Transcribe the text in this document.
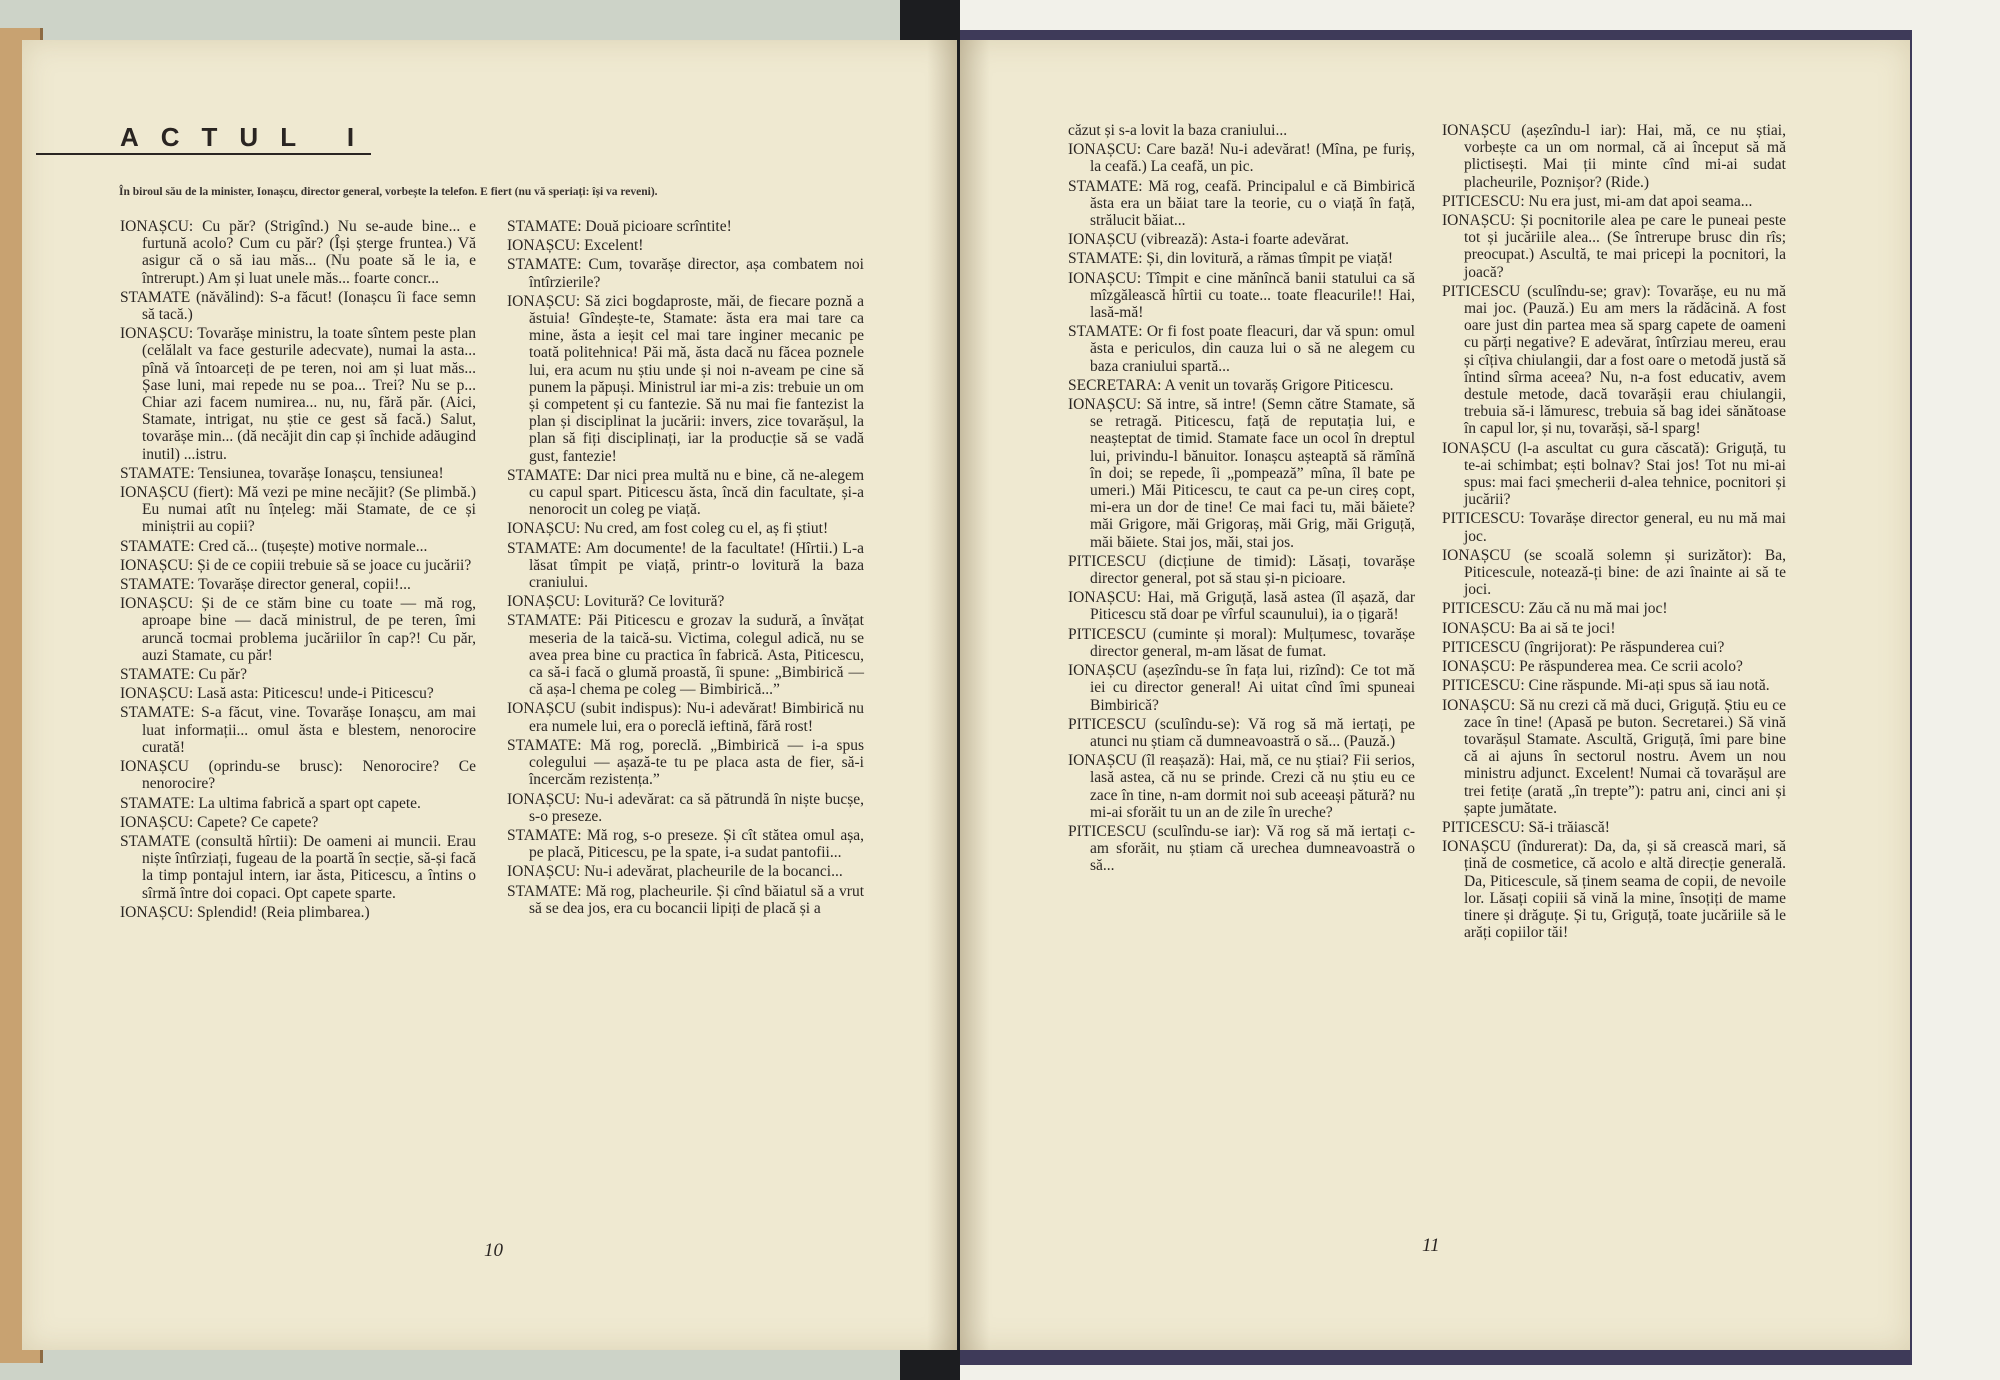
ACTUL I
În biroul său de la minister, Ionașcu, director general, vorbește la telefon. E fiert (nu vă speriați: își va reveni).

IONAȘCU: Cu păr? (Strigînd.) Nu se-aude bine... e furtună acolo? Cum cu păr? (Își șterge fruntea.) Vă asigur că o să iau măs... (Nu poate să le ia, e întrerupt.) Am și luat unele măs... foarte concr...

STAMATE (năvălind): S-a făcut! (Ionașcu îi face semn să tacă.)

IONAȘCU: Tovarășe ministru, la toate sîntem peste plan (celălalt va face gesturile adecvate), numai la asta... pînă vă întoarceți de pe teren, noi am și luat măs... Șase luni, mai repede nu se poa... Trei? Nu se p... Chiar azi facem numirea... nu, nu, fără păr. (Aici, Stamate, intrigat, nu știe ce gest să facă.) Salut, tovarășe min... (dă necăjit din cap și închide adăugind inutil) ...istru.

STAMATE: Tensiunea, tovarășe Ionașcu, tensiunea!

IONAȘCU (fiert): Mă vezi pe mine necăjit? (Se plimbă.) Eu numai atît nu înțeleg: măi Stamate, de ce și miniștrii au copii?

STAMATE: Cred că... (tușește) motive normale...

IONAȘCU: Și de ce copiii trebuie să se joace cu jucării?

STAMATE: Tovarășe director general, copii!...

IONAȘCU: Și de ce stăm bine cu toate — mă rog, aproape bine — dacă ministrul, de pe teren, îmi aruncă tocmai problema jucăriilor în cap?! Cu păr, auzi Stamate, cu păr!

STAMATE: Cu păr?

IONAȘCU: Lasă asta: Piticescu! unde-i Piticescu?

STAMATE: S-a făcut, vine. Tovarășe Ionașcu, am mai luat informații... omul ăsta e blestem, nenorocire curată!

IONAȘCU (oprindu-se brusc): Nenorocire? Ce nenorocire?

STAMATE: La ultima fabrică a spart opt capete.

IONAȘCU: Capete? Ce capete?

STAMATE (consultă hîrtii): De oameni ai muncii. Erau niște întîrziați, fugeau de la poartă în secție, să-și facă la timp pontajul intern, iar ăsta, Piticescu, a întins o sîrmă între doi copaci. Opt capete sparte.

IONAȘCU: Splendid! (Reia plimbarea.)

STAMATE: Două picioare scrîntite!

IONAȘCU: Excelent!

STAMATE: Cum, tovarășe director, așa combatem noi întîrzierile?

IONAȘCU: Să zici bogdaproste, măi, de fiecare poznă a ăstuia! Gîndește-te, Stamate: ăsta era mai tare ca mine, ăsta a ieșit cel mai tare inginer mecanic pe toată politehnica! Păi mă, ăsta dacă nu făcea poznele lui, era acum nu știu unde și noi n-aveam pe cine să punem la păpuși. Ministrul iar mi-a zis: trebuie un om și competent și cu fantezie. Să nu mai fie fantezist la plan și disciplinat la jucării: invers, zice tovarășul, la plan să fiți disciplinați, iar la producție să se vadă gust, fantezie!

STAMATE: Dar nici prea multă nu e bine, că ne-alegem cu capul spart. Piticescu ăsta, încă din facultate, și-a nenorocit un coleg pe viață.

IONAȘCU: Nu cred, am fost coleg cu el, aș fi știut!

STAMATE: Am documente! de la facultate! (Hîrtii.) L-a lăsat tîmpit pe viață, printr-o lovitură la baza craniului.

IONAȘCU: Lovitură? Ce lovitură?

STAMATE: Păi Piticescu e grozav la sudură, a învățat meseria de la taică-su. Victima, colegul adică, nu se avea prea bine cu practica în fabrică. Asta, Piticescu, ca să-i facă o glumă proastă, îi spune: „Bimbirică — că așa-l chema pe coleg — Bimbirică...”

IONAȘCU (subit indispus): Nu-i adevărat! Bimbirică nu era numele lui, era o poreclă ieftină, fără rost!

STAMATE: Mă rog, poreclă. „Bimbirică — i-a spus colegului — așază-te tu pe placa asta de fier, să-i încercăm rezistența.”

IONAȘCU: Nu-i adevărat: ca să pătrundă în niște bucșe, s-o preseze.

STAMATE: Mă rog, s-o preseze. Și cît stătea omul așa, pe placă, Piticescu, pe la spate, i-a sudat pantofii...

IONAȘCU: Nu-i adevărat, placheurile de la bocanci...

STAMATE: Mă rog, placheurile. Și cînd băiatul să a vrut să se dea jos, era cu bocancii lipiți de placă și a

10

căzut și s-a lovit la baza craniului...

IONAȘCU: Care bază! Nu-i adevărat! (Mîna, pe furiș, la ceafă.) La ceafă, un pic.

STAMATE: Mă rog, ceafă. Principalul e că Bimbirică ăsta era un băiat tare la teorie, cu o viață în față, strălucit băiat...

IONAȘCU (vibrează): Asta-i foarte adevărat.

STAMATE: Și, din lovitură, a rămas tîmpit pe viață!

IONAȘCU: Tîmpit e cine mănîncă banii statului ca să mîzgălească hîrtii cu toate... toate fleacurile!! Hai, lasă-mă!

STAMATE: Or fi fost poate fleacuri, dar vă spun: omul ăsta e periculos, din cauza lui o să ne alegem cu baza craniului spartă...

SECRETARA: A venit un tovarăș Grigore Piticescu.

IONAȘCU: Să intre, să intre! (Semn către Stamate, să se retragă. Piticescu, față de reputația lui, e neașteptat de timid. Stamate face un ocol în dreptul lui, privindu-l bănuitor. Ionașcu așteaptă să rămînă în doi; se repede, îi „pompează” mîna, îl bate pe umeri.) Măi Piticescu, te caut ca pe-un cireș copt, mi-era un dor de tine! Ce mai faci tu, măi băiete? măi Grigore, măi Grigoraș, măi Grig, măi Griguță, măi băiete. Stai jos, măi, stai jos.

PITICESCU (dicțiune de timid): Lăsați, tovarășe director general, pot să stau și-n picioare.

IONAȘCU: Hai, mă Griguță, lasă astea (îl așază, dar Piticescu stă doar pe vîrful scaunului), ia o țigară!

PITICESCU (cuminte și moral): Mulțumesc, tovarășe director general, m-am lăsat de fumat.

IONAȘCU (așezîndu-se în fața lui, rizînd): Ce tot mă iei cu director general! Ai uitat cînd îmi spuneai Bimbirică?

PITICESCU (sculîndu-se): Vă rog să mă iertați, pe atunci nu știam că dumneavoastră o să... (Pauză.)

IONAȘCU (îl reașază): Hai, mă, ce nu știai? Fii serios, lasă astea, că nu se prinde. Crezi că nu știu eu ce zace în tine, n-am dormit noi sub aceeași pătură? nu mi-ai sforăit tu un an de zile în ureche?

PITICESCU (sculîndu-se iar): Vă rog să mă iertați c-am sforăit, nu știam că urechea dumneavoastră o să...

IONAȘCU (așezîndu-l iar): Hai, mă, ce nu știai, vorbește ca un om normal, că ai început să mă plictisești. Mai ții minte cînd mi-ai sudat placheurile, Poznișor? (Ride.)

PITICESCU: Nu era just, mi-am dat apoi seama...

IONAȘCU: Și pocnitorile alea pe care le puneai peste tot și jucăriile alea... (Se întrerupe brusc din rîs; preocupat.) Ascultă, te mai pricepi la pocnitori, la joacă?

PITICESCU (sculîndu-se; grav): Tovarășe, eu nu mă mai joc. (Pauză.) Eu am mers la rădăcină. A fost oare just din partea mea să sparg capete de oameni cu părți negative? E adevărat, întîrziau mereu, erau și cîțiva chiulangii, dar a fost oare o metodă justă să întind sîrma aceea? Nu, n-a fost educativ, avem destule metode, dacă tovarășii erau chiulangii, trebuia să-i lămuresc, trebuia să bag idei sănătoase în capul lor, și nu, tovarăși, să-l sparg!

IONAȘCU (l-a ascultat cu gura căscată): Griguță, tu te-ai schimbat; ești bolnav? Stai jos! Tot nu mi-ai spus: mai faci șmecherii d-alea tehnice, pocnitori și jucării?

PITICESCU: Tovarășe director general, eu nu mă mai joc.

IONAȘCU (se scoală solemn și surizător): Ba, Piticescule, notează-ți bine: de azi înainte ai să te joci.

PITICESCU: Zău că nu mă mai joc!

IONAȘCU: Ba ai să te joci!

PITICESCU (îngrijorat): Pe răspunderea cui?

IONAȘCU: Pe răspunderea mea. Ce scrii acolo?

PITICESCU: Cine răspunde. Mi-ați spus să iau notă.

IONAȘCU: Să nu crezi că mă duci, Griguță. Știu eu ce zace în tine! (Apasă pe buton. Secretarei.) Să vină tovarășul Stamate. Ascultă, Griguță, îmi pare bine că ai ajuns în sectorul nostru. Avem un nou ministru adjunct. Excelent! Numai că tovarășul are trei fetițe (arată „în trepte”): patru ani, cinci ani și șapte jumătate.

PITICESCU: Să-i trăiască!

IONAȘCU (îndurerat): Da, da, și să crească mari, să țină de cosmetice, că acolo e altă direcție generală. Da, Piticescule, să ținem seama de copii, de nevoile lor. Lăsați copiii să vină la mine, însoțiți de mame tinere și drăguțe. Și tu, Griguță, toate jucăriile să le arăți copiilor tăi!

11
